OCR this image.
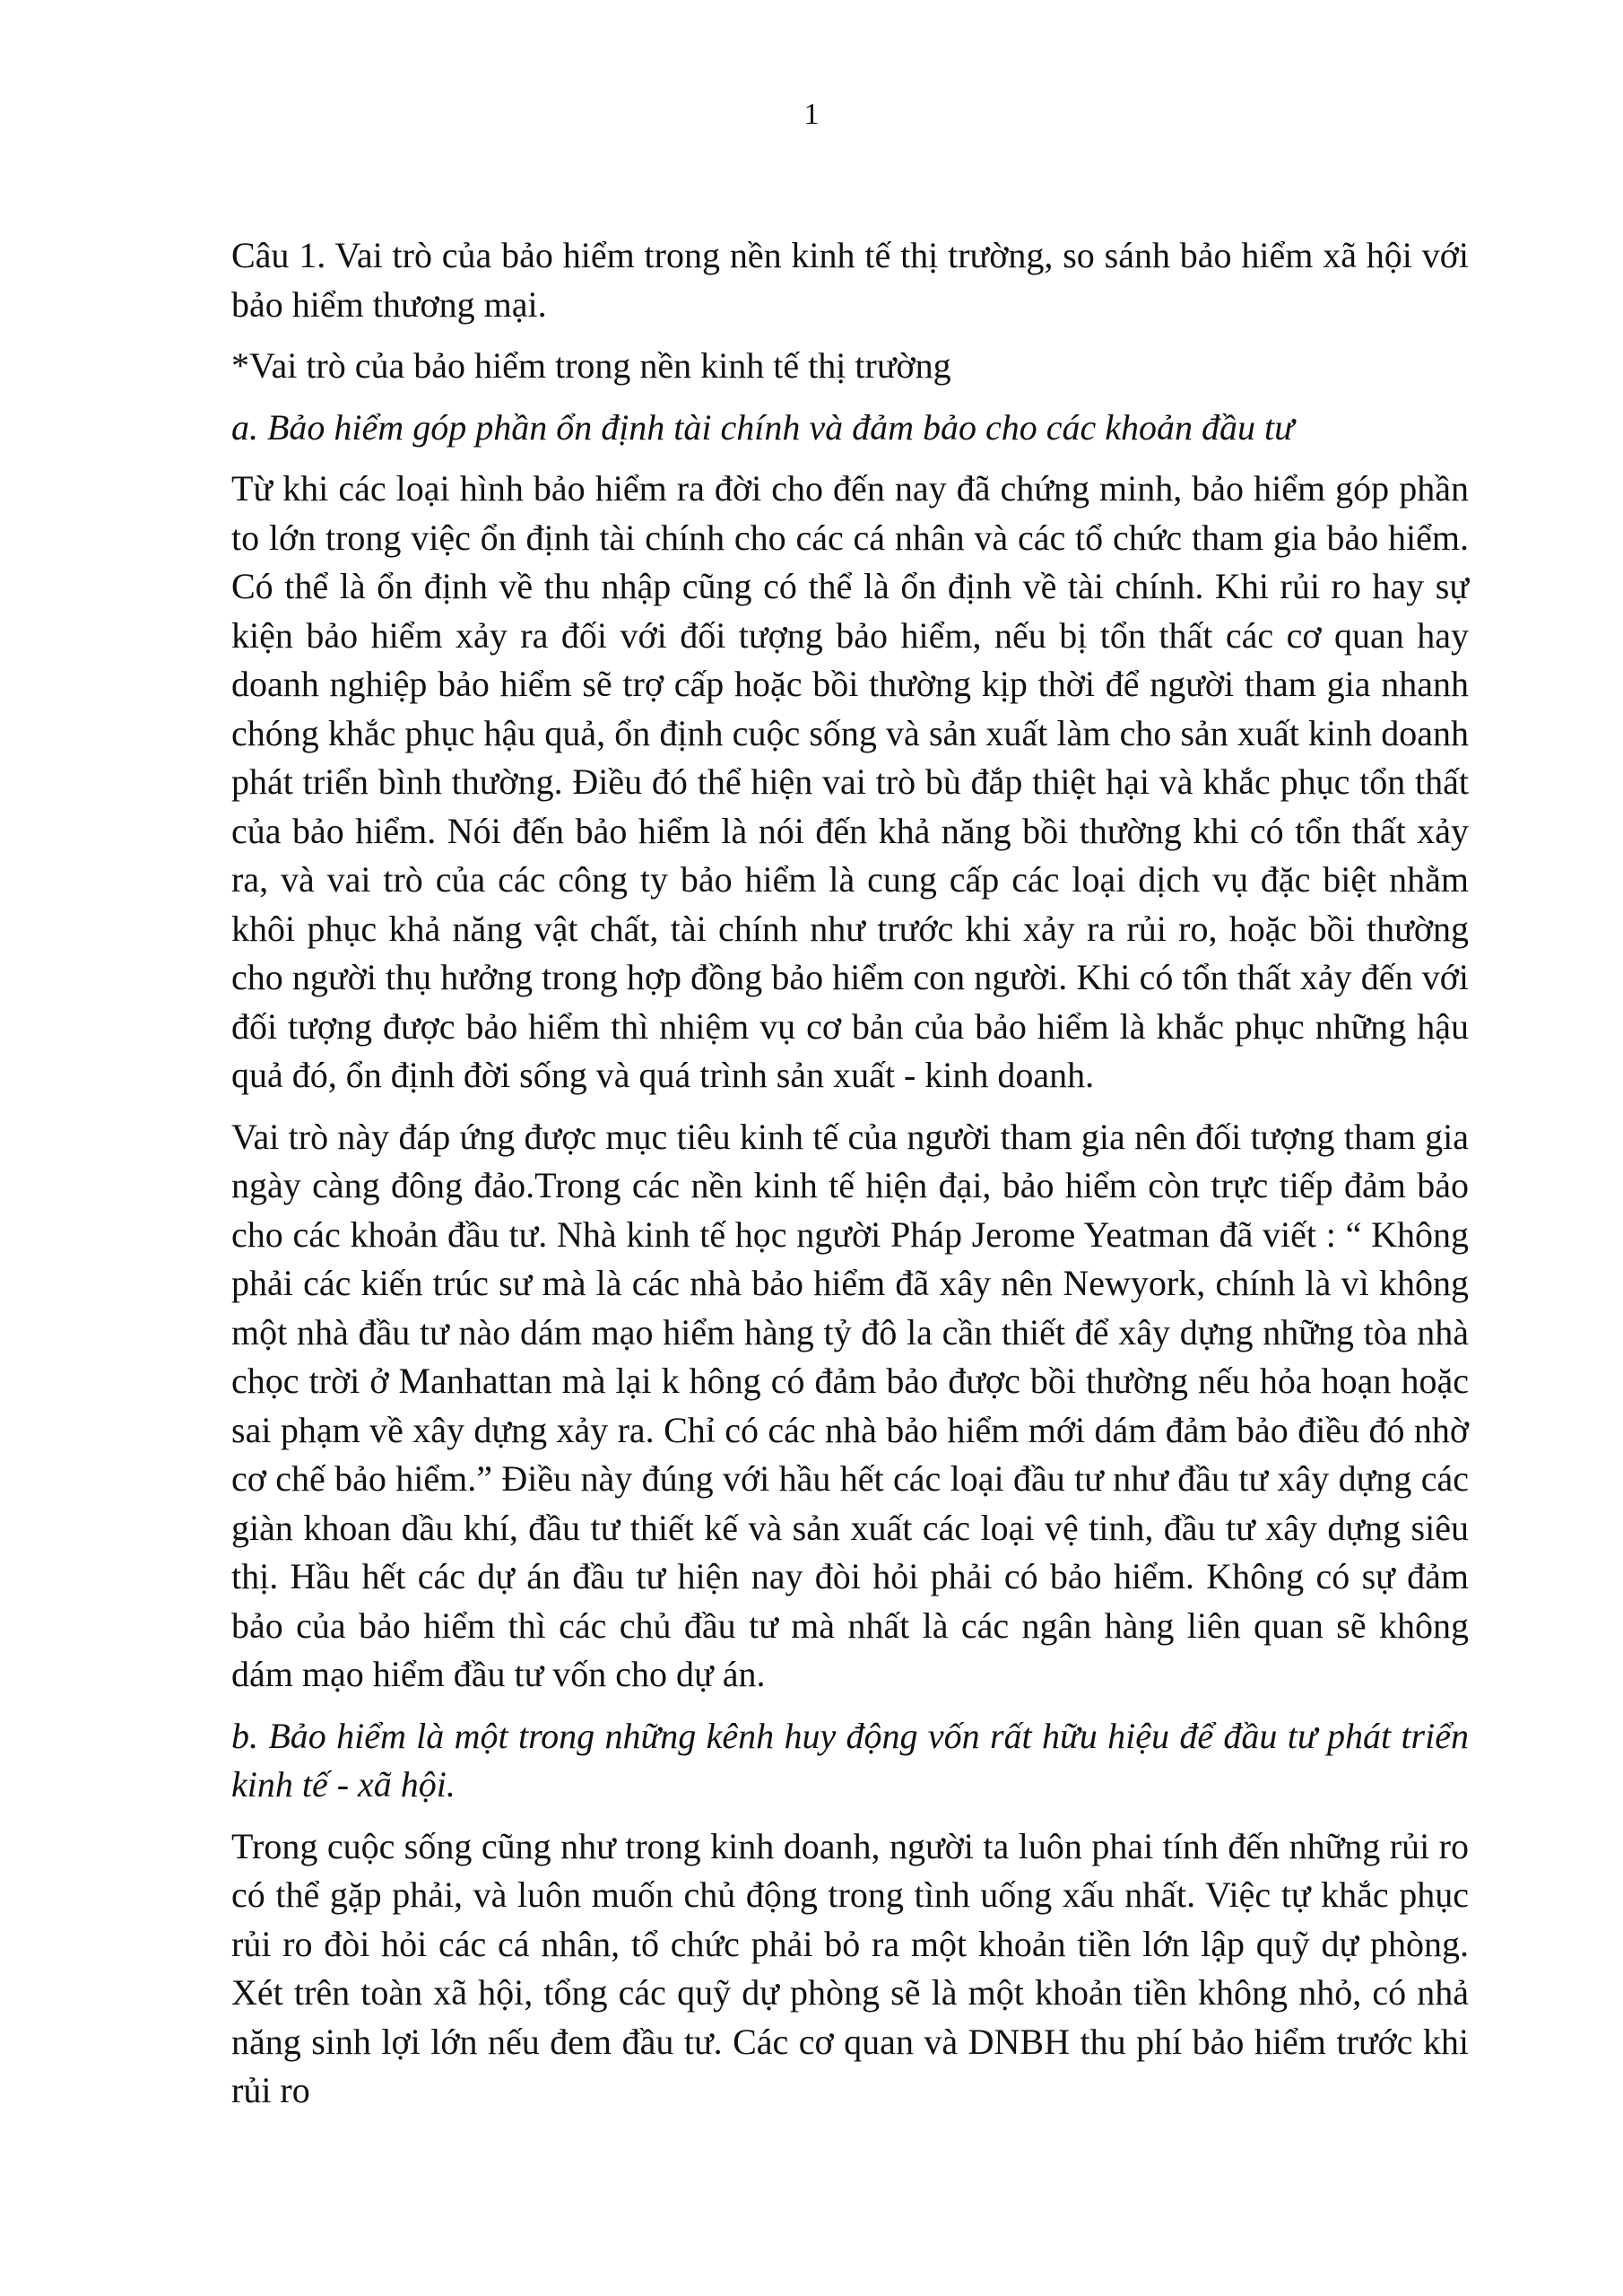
1

Câu 1. Vai trò của bảo hiểm trong nền kinh tế thị trường, so sánh bảo hiểm xã hội với bảo hiểm thương mại.

*Vai trò của bảo hiểm trong nền kinh tế thị trường

a. Bảo hiểm góp phần ổn định tài chính và đảm bảo cho các khoản đầu tư

Từ khi các loại hình bảo hiểm ra đời cho đến nay đã chứng minh, bảo hiểm góp phần to lớn trong việc ổn định tài chính cho các cá nhân và các tổ chức tham gia bảo hiểm. Có thể là ổn định về thu nhập cũng có thể là ổn định về tài chính. Khi rủi ro hay sự kiện bảo hiểm xảy ra đối với đối tượng bảo hiểm, nếu bị tổn thất các cơ quan hay doanh nghiệp bảo hiểm sẽ trợ cấp hoặc bồi thường kịp thời để người tham gia nhanh chóng khắc phục hậu quả, ổn định cuộc sống và sản xuất làm cho sản xuất kinh doanh phát triển bình thường. Điều đó thể hiện vai trò bù đắp thiệt hại và khắc phục tổn thất của bảo hiểm. Nói đến bảo hiểm là nói đến khả năng bồi thường khi có tổn thất xảy ra, và vai trò của các công ty bảo hiểm là cung cấp các loại dịch vụ đặc biệt nhằm khôi phục khả năng vật chất, tài chính như trước khi xảy ra rủi ro, hoặc bồi thường cho người thụ hưởng trong hợp đồng bảo hiểm con người. Khi có tổn thất xảy đến với đối tượng được bảo hiểm thì nhiệm vụ cơ bản của bảo hiểm là khắc phục những hậu quả đó, ổn định đời sống và quá trình sản xuất - kinh doanh.

Vai trò này đáp ứng được mục tiêu kinh tế của người tham gia nên đối tượng tham gia ngày càng đông đảo.Trong các nền kinh tế hiện đại, bảo hiểm còn trực tiếp đảm bảo cho các khoản đầu tư. Nhà kinh tế học người Pháp Jerome Yeatman đã viết : “ Không phải các kiến trúc sư mà là các nhà bảo hiểm đã xây nên Newyork, chính là vì không một nhà đầu tư nào dám mạo hiểm hàng tỷ đô la cần thiết để xây dựng những tòa nhà chọc trời ở Manhattan mà lại k hông có đảm bảo được bồi thường nếu hỏa hoạn hoặc sai phạm về xây dựng xảy ra. Chỉ có các nhà bảo hiểm mới dám đảm bảo điều đó nhờ cơ chế bảo hiểm.” Điều này đúng với hầu hết các loại đầu tư như đầu tư xây dựng các giàn khoan dầu khí, đầu tư thiết kế và sản xuất các loại vệ tinh, đầu tư xây dựng siêu thị. Hầu hết các dự án đầu tư hiện nay đòi hỏi phải có bảo hiểm. Không có sự đảm bảo của bảo hiểm thì các chủ đầu tư mà nhất là các ngân hàng liên quan sẽ không dám mạo hiểm đầu tư vốn cho dự án.

b. Bảo hiểm là một trong những kênh huy động vốn rất hữu hiệu để đầu tư phát triển kinh tế - xã hội.

Trong cuộc sống cũng như trong kinh doanh, người ta luôn phai tính đến những rủi ro có thể gặp phải, và luôn muốn chủ động trong tình uống xấu nhất. Việc tự khắc phục rủi ro đòi hỏi các cá nhân, tổ chức phải bỏ ra một khoản tiền lớn lập quỹ dự phòng. Xét trên toàn xã hội, tổng các quỹ dự phòng sẽ là một khoản tiền không nhỏ, có nhả năng sinh lợi lớn nếu đem đầu tư. Các cơ quan và DNBH thu phí bảo hiểm trước khi rủi ro
